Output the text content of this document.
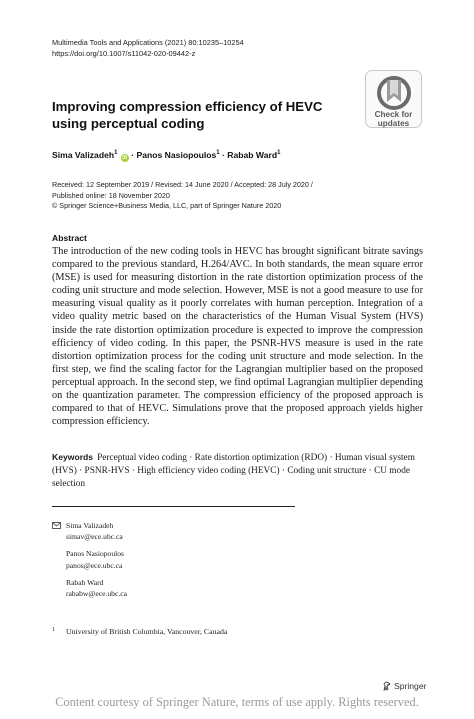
Multimedia Tools and Applications (2021) 80:10235–10254
https://doi.org/10.1007/s11042-020-09442-z
Check for
updates
Improving compression efficiency of HEVC using perceptual coding
Sima Valizadeh$^1$ iD · Panos Nasiopoulos$^1$ · Rabab Ward$^1$
Received: 12 September 2019 / Revised: 14 June 2020 / Accepted: 28 July 2020 /
Published online: 18 November 2020
© Springer Science+Business Media, LLC, part of Springer Nature 2020
Abstract

The introduction of the new coding tools in HEVC has brought significant bitrate savings compared to the previous standard, H.264/AVC. In both standards, the mean square error (MSE) is used for measuring distortion in the rate distortion optimization process of the coding unit structure and mode selection. However, MSE is not a good measure to use for measuring visual quality as it poorly correlates with human perception. Integration of a video quality metric based on the characteristics of the Human Visual System (HVS) inside the rate distortion optimization procedure is expected to improve the compression efficiency of video coding. In this paper, the PSNR-HVS measure is used in the rate distortion optimization process for the coding unit structure and mode selection. In the first step, we find the scaling factor for the Lagrangian multiplier based on the proposed perceptual approach. In the second step, we find optimal Lagrangian multiplier depending on the quantization parameter. The compression efficiency of the proposed approach is compared to that of HEVC. Simulations prove that the proposed approach yields higher compression efficiency.

Keywords Perceptual video coding · Rate distortion optimization (RDO) · Human visual system (HVS) · PSNR-HVS · High efficiency video coding (HEVC) · Coding unit structure · CU mode selection
Sima Valizadeh
simav@ece.ubc.ca
Panos Nasiopoulos
panos@ece.ubc.ca
Rabab Ward
rababw@ece.ubc.ca
1 University of British Columbia, Vancouver, Canada
Springer
Content courtesy of Springer Nature, terms of use apply. Rights reserved.
